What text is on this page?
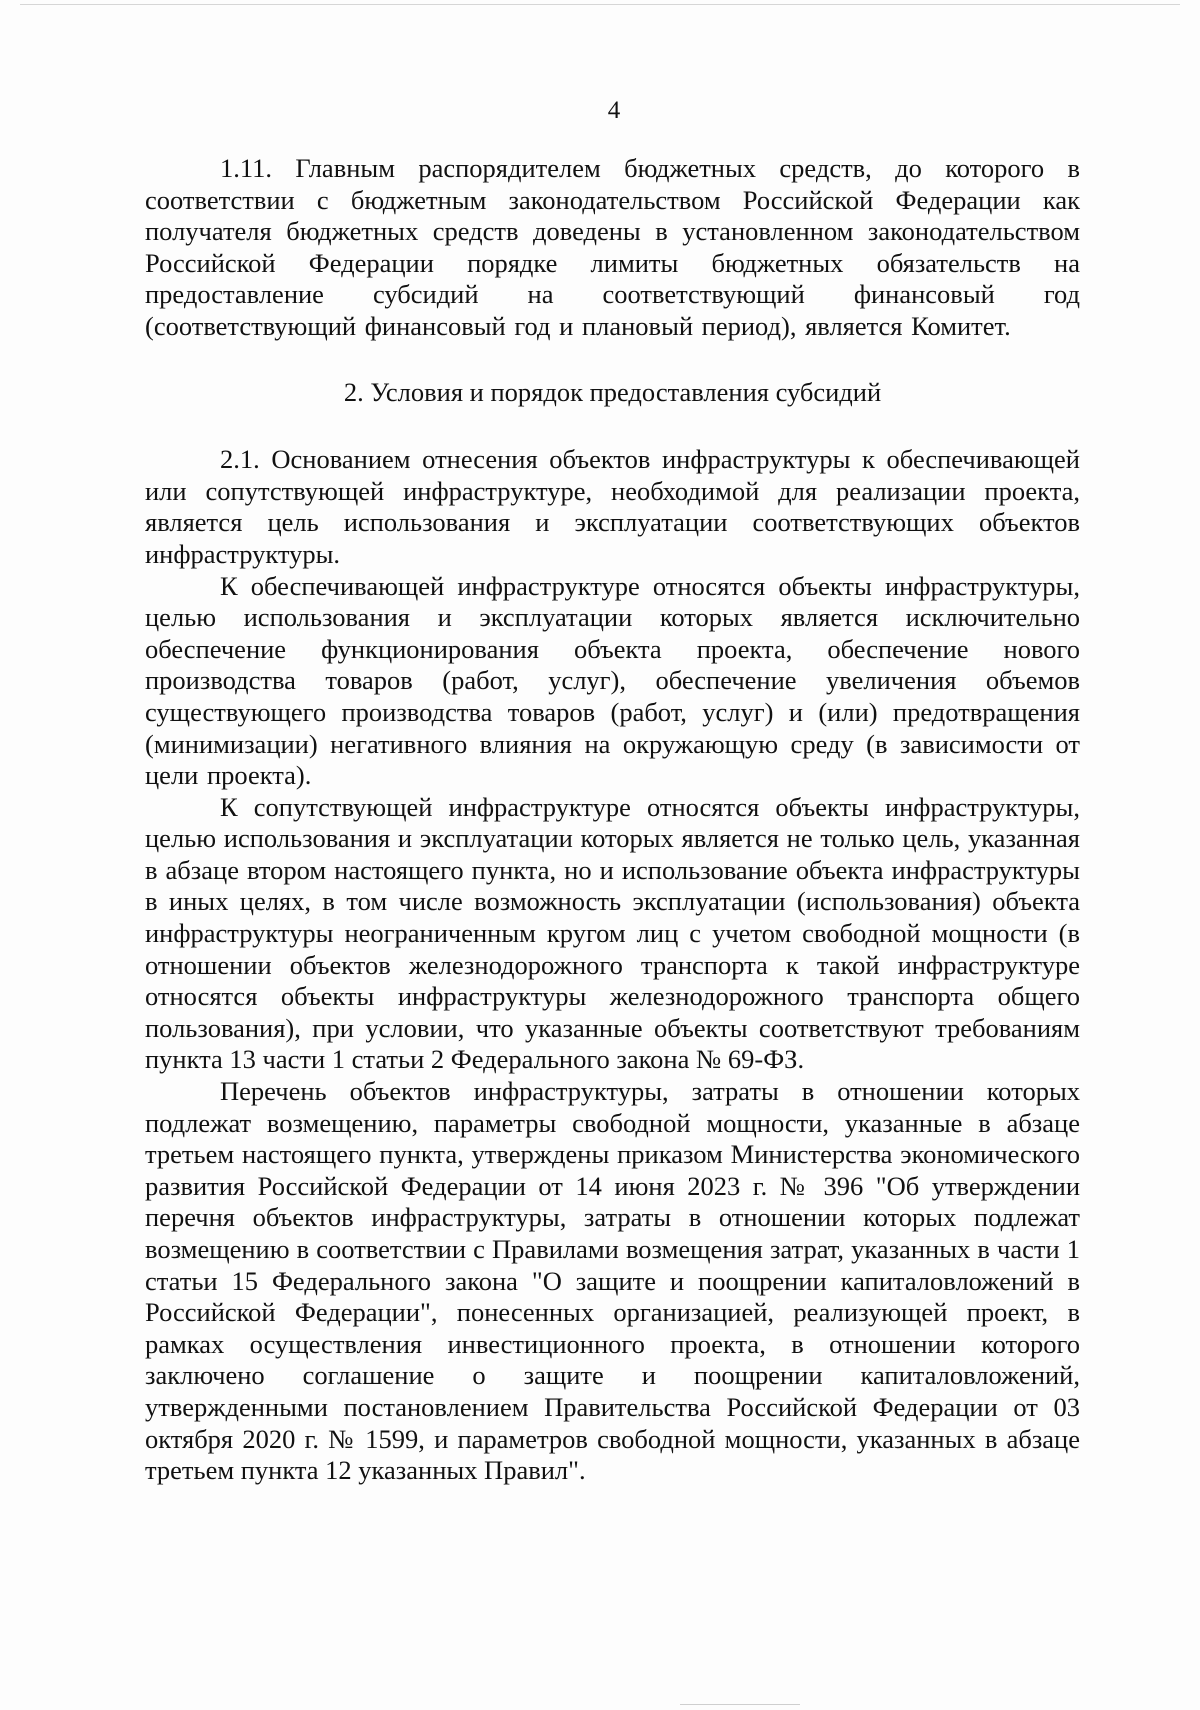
4

1.11. Главным распорядителем бюджетных средств, до которого в соответствии с бюджетным законодательством Российской Федерации как получателя бюджетных средств доведены в установленном законодательством Российской Федерации порядке лимиты бюджетных обязательств на предоставление субсидий на соответствующий финансовый год (соответствующий финансовый год и плановый период), является Комитет.

2. Условия и порядок предоставления субсидий

2.1. Основанием отнесения объектов инфраструктуры к обеспечивающей или сопутствующей инфраструктуре, необходимой для реализации проекта, является цель использования и эксплуатации соответствующих объектов инфраструктуры.

К обеспечивающей инфраструктуре относятся объекты инфраструктуры, целью использования и эксплуатации которых является исключительно обеспечение функционирования объекта проекта, обеспечение нового производства товаров (работ, услуг), обеспечение увеличения объемов существующего производства товаров (работ, услуг) и (или) предотвращения (минимизации) негативного влияния на окружающую среду (в зависимости от цели проекта).

К сопутствующей инфраструктуре относятся объекты инфраструктуры, целью использования и эксплуатации которых является не только цель, указанная в абзаце втором настоящего пункта, но и использование объекта инфраструктуры в иных целях, в том числе возможность эксплуатации (использования) объекта инфраструктуры неограниченным кругом лиц с учетом свободной мощности (в отношении объектов железнодорожного транспорта к такой инфраструктуре относятся объекты инфраструктуры железнодорожного транспорта общего пользования), при условии, что указанные объекты соответствуют требованиям пункта 13 части 1 статьи 2 Федерального закона № 69-ФЗ.

Перечень объектов инфраструктуры, затраты в отношении которых подлежат возмещению, параметры свободной мощности, указанные в абзаце третьем настоящего пункта, утверждены приказом Министерства экономического развития Российской Федерации от 14 июня 2023 г. № 396 "Об утверждении перечня объектов инфраструктуры, затраты в отношении которых подлежат возмещению в соответствии с Правилами возмещения затрат, указанных в части 1 статьи 15 Федерального закона "О защите и поощрении капиталовложений в Российской Федерации", понесенных организацией, реализующей проект, в рамках осуществления инвестиционного проекта, в отношении которого заключено соглашение о защите и поощрении капиталовложений, утвержденными постановлением Правительства Российской Федерации от 03 октября 2020 г. № 1599, и параметров свободной мощности, указанных в абзаце третьем пункта 12 указанных Правил".
